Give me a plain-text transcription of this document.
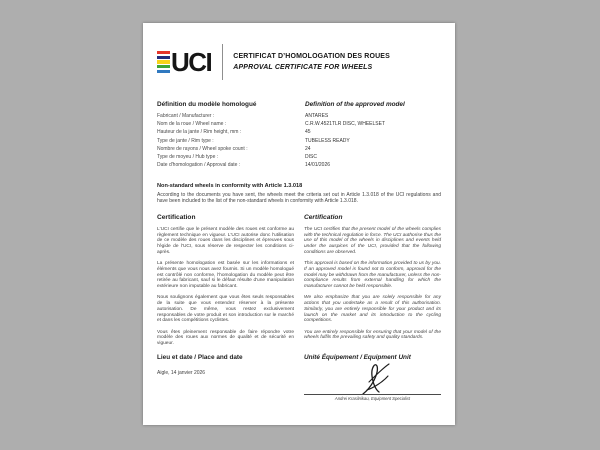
UCI	CERTIFICAT D’HOMOLOGATION DES ROUES
APPROVAL CERTIFICATE FOR WHEELS
Définition du modèle homologué	Definition of the approved model
Fabricant / Manufacturer :	ANTARES
Nom de la roue / Wheel name :	C.R.W.4521TLR DISC, WHEELSET
Hauteur de la jante / Rim height, mm :	45
Type de jante / Rim type :	TUBELESS READY
Nombre de rayons / Wheel spoke count :	24
Type de moyeu / Hub type :	DISC
Date d'homologation / Approval date :	14/01/2026
Non-standard wheels in conformity with Article 1.3.018
According to the documents you have sent, the wheels meet the criteria set out in Article 1.3.018 of the UCI regulations and have been included to the list of the non-standard wheels in conformity with Article 1.3.018.
Certification

L'UCI certifie que le présent modèle des roues est conforme au règlement technique en vigueur. L'UCI autorise donc l'utilisation de ce modèle des roues dans les disciplines et épreuves sous l'égide de l'UCI, sous réserve de respecter les conditions ci-après.

La présente homologation est basée sur les informations et éléments que vous nous avez fournis. Si un modèle homologué est contrôlé non conforme, l'homologation du modèle peut être retirée au fabricant, sauf si le défaut résulte d'une manipulation extérieure non imputable au fabricant.

Nous soulignons également que vous êtes seuls responsables de la suite que vous entendez réserver à la présente autorisation. De même, vous restez exclusivement responsables de votre produit et son introduction sur le marché et dans les compétitions cyclistes.

Vous êtes pleinement responsable de faire répondre votre modèle des roues aux normes de qualité et de sécurité en vigueur.

Certification

The UCI certifies that the present model of the wheels complies with the technical regulation in force. The UCI authorise thus the use of this model of the wheels in disciplines and events held under the auspices of the UCI, provided that the following conditions are observed.

This approval is based on the information provided to us by you. If an approved model is found not to conform, approval for the model may be withdrawn from the manufacturer, unless the non-compliance results from external handling for which the manufacturer cannot be held responsible.

We also emphasize that you are solely responsible for any actions that you undertake as a result of this authorisation. Similarly, you are entirely responsible for your product and its launch on the market and its introduction to the cycling competitions.

You are entirely responsible for ensuring that your model of the wheels fulfils the prevailing safety and quality standards.

Lieu et date / Place and date
Aigle, 14 janvier 2026
Unité Équipement / Equipment Unit
Andrei Krasilnikau, Equipment Specialist
